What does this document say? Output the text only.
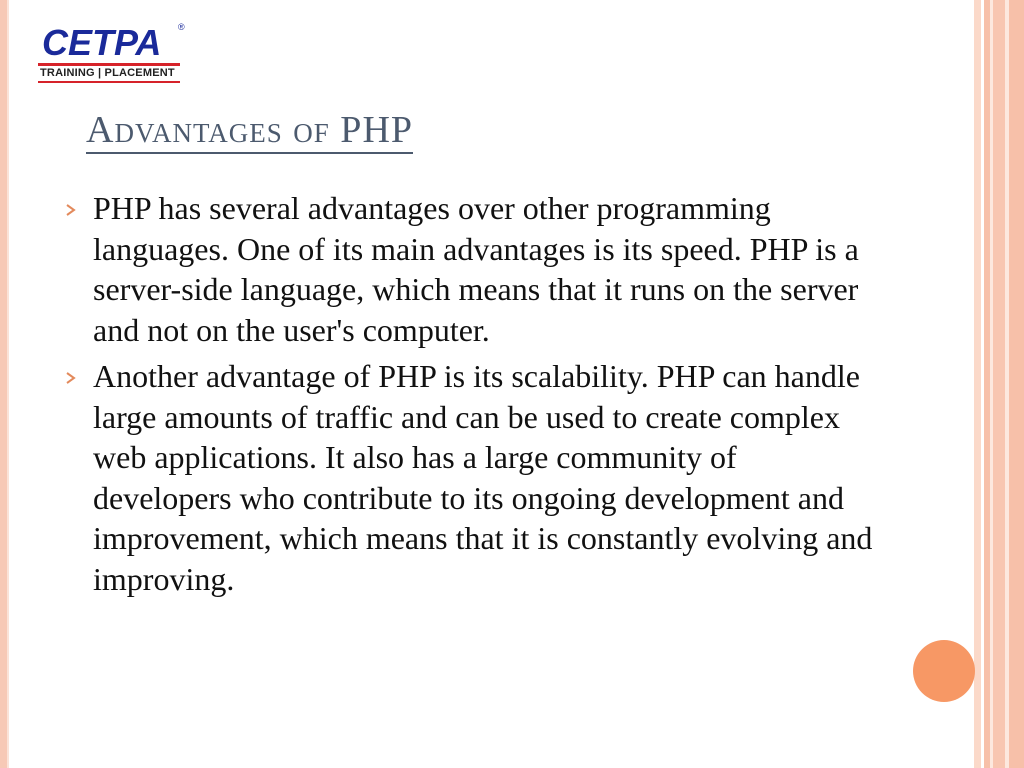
CETPA ®
TRAINING | PLACEMENT
Advantages of PHP
PHP has several advantages over other programming languages. One of its main advantages is its speed. PHP is a server-side language, which means that it runs on the server and not on the user's computer.
Another advantage of PHP is its scalability. PHP can handle large amounts of traffic and can be used to create complex web applications. It also has a large community of developers who contribute to its ongoing development and improvement, which means that it is constantly evolving and improving.
